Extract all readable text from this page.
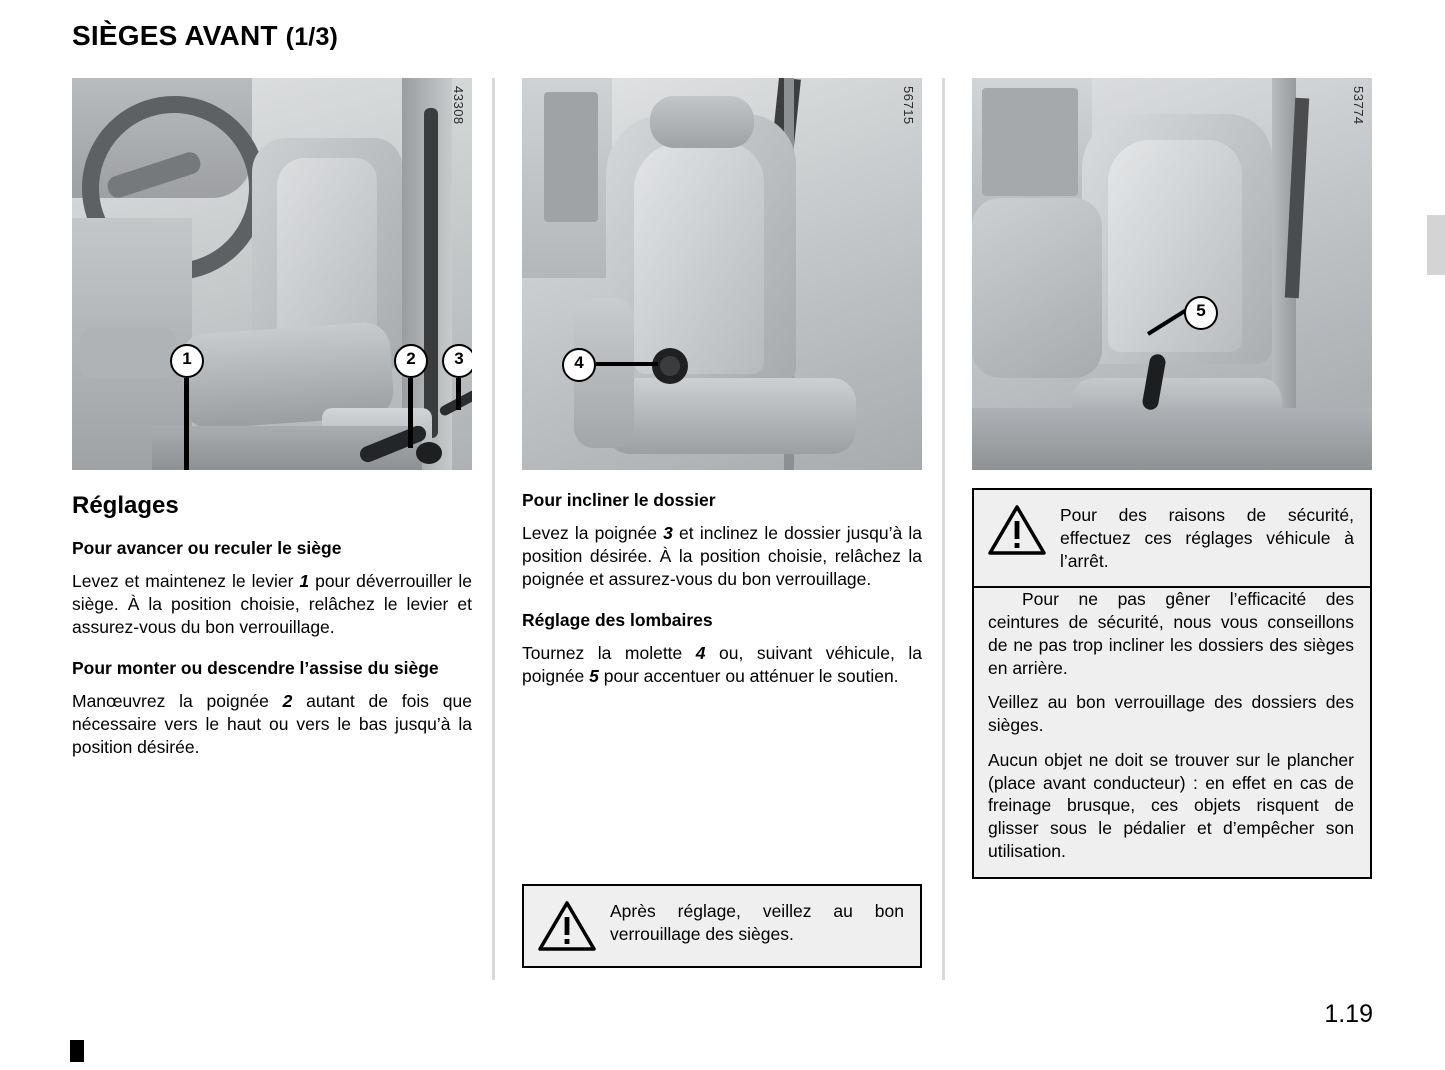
SIÈGES AVANT (1/3)
1	2	3
43308
Réglages
Pour avancer ou reculer le siège

Levez et maintenez le levier 1 pour déverrouiller le siège. À la position choisie, relâchez le levier et assurez-vous du bon verrouillage.

Pour monter ou descendre l’assise du siège

Manœuvrez la poignée 2 autant de fois que nécessaire vers le haut ou vers le bas jusqu’à la position désirée.

4
56715
Pour incliner le dossier

Levez la poignée 3 et inclinez le dossier jusqu’à la position désirée. À la position choisie, relâchez la poignée et assurez-vous du bon verrouillage.

Réglage des lombaires

Tournez la molette 4 ou, suivant véhicule, la poignée 5 pour accentuer ou atténuer le soutien.

Après réglage, veillez au bon verrouillage des sièges.

5
53774

Pour des raisons de sécurité, effectuez ces réglages véhicule à l’arrêt.

Pour ne pas gêner l’efficacité des ceintures de sécurité, nous vous conseillons de ne pas trop incliner les dossiers des sièges en arrière.

Veillez au bon verrouillage des dossiers des sièges.

Aucun objet ne doit se trouver sur le plancher (place avant conducteur) : en effet en cas de freinage brusque, ces objets risquent de glisser sous le pédalier et d’empêcher son utilisation.

1.19
